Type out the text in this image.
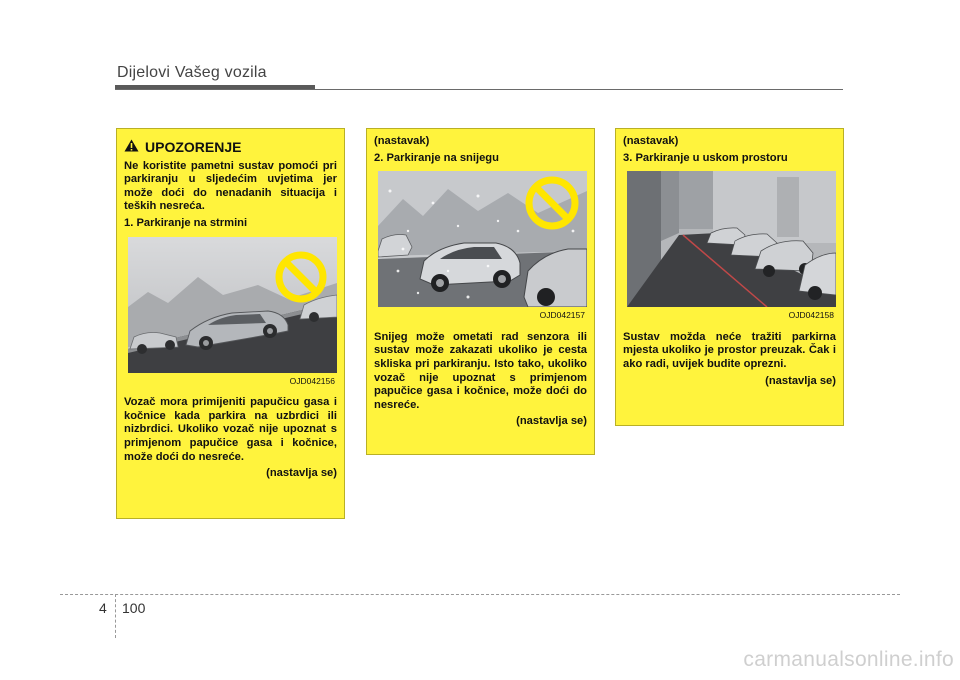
Dijelovi Vašeg vozila
UPOZORENJE
Ne koristite pametni sustav pomoći pri parkiranju u sljedećim uvjetima jer može doći do nenadanih situacija i teških nesreća.
1. Parkiranje na strmini
OJD042156
Vozač mora primijeniti papučicu gasa i kočnice kada parkira na uzbrdici ili nizbrdici. Ukoliko vozač nije upoznat s primjenom papučice gasa i kočnice, može doći do nesreće.
(nastavlja se)
(nastavak)
2. Parkiranje na snijegu
OJD042157
Snijeg može ometati rad senzora ili sustav može zakazati ukoliko je cesta skliska pri parkiranju. Isto tako, ukoliko vozač nije upoznat s primjenom papučice gasa i kočnice, može doći do nesreće.
(nastavlja se)
(nastavak)
3. Parkiranje u uskom prostoru
OJD042158
Sustav možda neće tražiti parkirna mjesta ukoliko je prostor preuzak. Čak i ako radi, uvijek budite oprezni.
(nastavlja se)
4 100
carmanualsonline.info
